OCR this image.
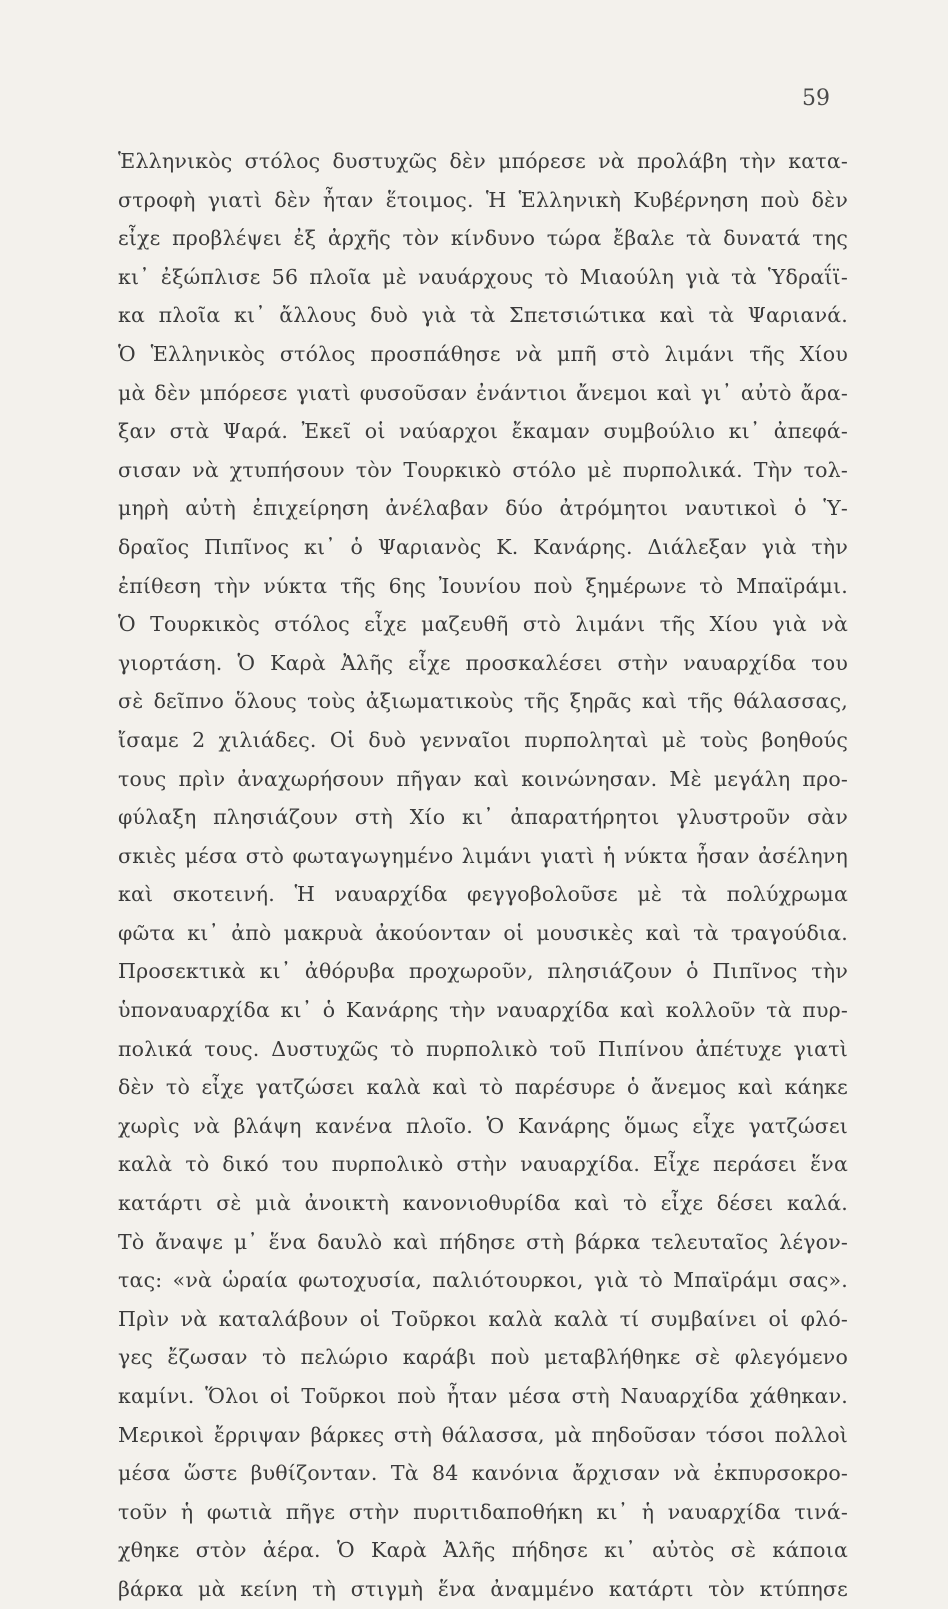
59
Ἑλληνικὸς στόλος δυστυχῶς δὲν μπόρεσε νὰ προλάβη τὴν κατα-
στροφὴ γιατὶ δὲν ἦταν ἕτοιμος. Ἡ Ἑλληνικὴ Κυβέρνηση ποὺ δὲν
εἶχε προβλέψει ἐξ ἀρχῆς τὸν κίνδυνο τώρα ἔβαλε τὰ δυνατά της
κι᾿ ἐξώπλισε 56 πλοῖα μὲ ναυάρχους τὸ Μιαούλη γιὰ τὰ Ὑδραΐϊ-
κα πλοῖα κι᾿ ἄλλους δυὸ γιὰ τὰ Σπετσιώτικα καὶ τὰ Ψαριανά.
Ὁ Ἑλληνικὸς στόλος προσπάθησε νὰ μπῆ στὸ λιμάνι τῆς Χίου
μὰ δὲν μπόρεσε γιατὶ φυσοῦσαν ἐνάντιοι ἄνεμοι καὶ γι᾿ αὐτὸ ἄρα-
ξαν στὰ Ψαρά. Ἐκεῖ οἱ ναύαρχοι ἔκαμαν συμβούλιο κι᾿ ἀπεφά-
σισαν νὰ χτυπήσουν τὸν Τουρκικὸ στόλο μὲ πυρπολικά. Τὴν τολ-
μηρὴ αὐτὴ ἐπιχείρηση ἀνέλαβαν δύο ἀτρόμητοι ναυτικοὶ ὁ Ὑ-
δραῖος Πιπῖνος κι᾿ ὁ Ψαριανὸς Κ. Κανάρης. Διάλεξαν γιὰ τὴν
ἐπίθεση τὴν νύκτα τῆς 6ης Ἰουνίου ποὺ ξημέρωνε τὸ Μπαϊράμι.
Ὁ Τουρκικὸς στόλος εἶχε μαζευθῆ στὸ λιμάνι τῆς Χίου γιὰ νὰ
γιορτάση. Ὁ Καρὰ Ἀλῆς εἶχε προσκαλέσει στὴν ναυαρχίδα του
σὲ δεῖπνο ὅλους τοὺς ἀξιωματικοὺς τῆς ξηρᾶς καὶ τῆς θάλασσας,
ἴσαμε 2 χιλιάδες. Οἱ δυὸ γενναῖοι πυρποληταὶ μὲ τοὺς βοηθούς
τους πρὶν ἀναχωρήσουν πῆγαν καὶ κοινώνησαν. Μὲ μεγάλη προ-
φύλαξη πλησιάζουν στὴ Χίο κι᾿ ἀπαρατήρητοι γλυστροῦν σὰν
σκιὲς μέσα στὸ φωταγωγημένο λιμάνι γιατὶ ἡ νύκτα ἦσαν ἀσέληνη
καὶ σκοτεινή. Ἡ ναυαρχίδα φεγγοβολοῦσε μὲ τὰ πολύχρωμα
φῶτα κι᾿ ἀπὸ μακρυὰ ἀκούονταν οἱ μουσικὲς καὶ τὰ τραγούδια.
Προσεκτικὰ κι᾿ ἀθόρυβα προχωροῦν, πλησιάζουν ὁ Πιπῖνος τὴν
ὑποναυαρχίδα κι᾿ ὁ Κανάρης τὴν ναυαρχίδα καὶ κολλοῦν τὰ πυρ-
πολικά τους. Δυστυχῶς τὸ πυρπολικὸ τοῦ Πιπίνου ἀπέτυχε γιατὶ
δὲν τὸ εἶχε γατζώσει καλὰ καὶ τὸ παρέσυρε ὁ ἄνεμος καὶ κάηκε
χωρὶς νὰ βλάψη κανένα πλοῖο. Ὁ Κανάρης ὅμως εἶχε γατζώσει
καλὰ τὸ δικό του πυρπολικὸ στὴν ναυαρχίδα. Εἶχε περάσει ἕνα
κατάρτι σὲ μιὰ ἀνοικτὴ κανονιοθυρίδα καὶ τὸ εἶχε δέσει καλά.
Τὸ ἄναψε μ᾿ ἕνα δαυλὸ καὶ πήδησε στὴ βάρκα τελευταῖος λέγον-
τας: «νὰ ὡραία φωτοχυσία, παλιότουρκοι, γιὰ τὸ Μπαϊράμι σας».
Πρὶν νὰ καταλάβουν οἱ Τοῦρκοι καλὰ καλὰ τί συμβαίνει οἱ φλό-
γες ἔζωσαν τὸ πελώριο καράβι ποὺ μεταβλήθηκε σὲ φλεγόμενο
καμίνι. Ὅλοι οἱ Τοῦρκοι ποὺ ἦταν μέσα στὴ Ναυαρχίδα χάθηκαν.
Μερικοὶ ἔρριψαν βάρκες στὴ θάλασσα, μὰ πηδοῦσαν τόσοι πολλοὶ
μέσα ὥστε βυθίζονταν. Τὰ 84 κανόνια ἄρχισαν νὰ ἐκπυρσοκρο-
τοῦν ἡ φωτιὰ πῆγε στὴν πυριτιδαποθήκη κι᾿ ἡ ναυαρχίδα τινά-
χθηκε στὸν ἀέρα. Ὁ Καρὰ Ἀλῆς πήδησε κι᾿ αὐτὸς σὲ κάποια
βάρκα μὰ κείνη τὴ στιγμὴ ἕνα ἀναμμένο κατάρτι τὸν κτύπησε
